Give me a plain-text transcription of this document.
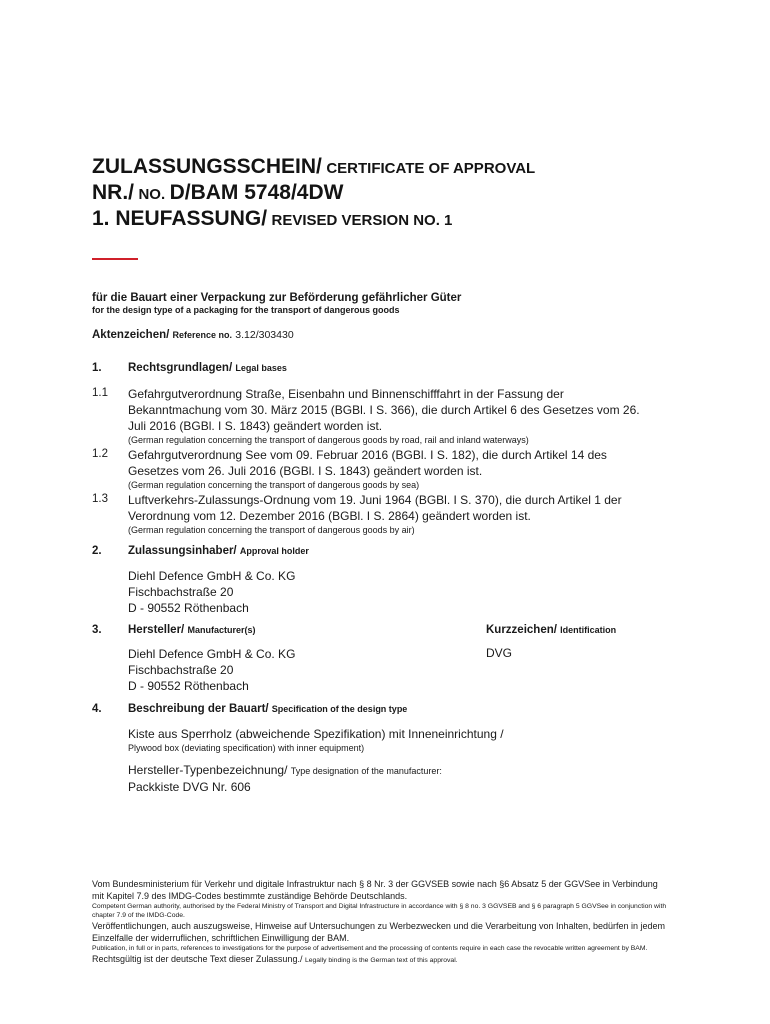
ZULASSUNGSSCHEIN/ CERTIFICATE OF APPROVAL
NR./ NO. D/BAM 5748/4DW
1. NEUFASSUNG/ REVISED VERSION NO. 1
für die Bauart einer Verpackung zur Beförderung gefährlicher Güter
for the design type of a packaging for the transport of dangerous goods
Aktenzeichen/ Reference no. 3.12/303430
1.	Rechtsgrundlagen/ Legal bases
1.1	Gefahrgutverordnung Straße, Eisenbahn und Binnenschifffahrt in der Fassung der Bekanntmachung vom 30. März 2015 (BGBl. I S. 366), die durch Artikel 6 des Gesetzes vom 26. Juli 2016 (BGBl. I S. 1843) geändert worden ist.
(German regulation concerning the transport of dangerous goods by road, rail and inland waterways)
1.2	Gefahrgutverordnung See vom 09. Februar 2016 (BGBl. I S. 182), die durch Artikel 14 des Gesetzes vom 26. Juli 2016 (BGBl. I S. 1843) geändert worden ist.
(German regulation concerning the transport of dangerous goods by sea)
1.3	Luftverkehrs-Zulassungs-Ordnung vom 19. Juni 1964 (BGBl. I S. 370), die durch Artikel 1 der Verordnung vom 12. Dezember 2016 (BGBl. I S. 2864) geändert worden ist.
(German regulation concerning the transport of dangerous goods by air)
2.	Zulassungsinhaber/ Approval holder
Diehl Defence GmbH & Co. KG
Fischbachstraße 20
D - 90552 Röthenbach
3.	Hersteller/ Manufacturer(s)
Diehl Defence GmbH & Co. KG
Fischbachstraße 20
D - 90552 Röthenbach
Kurzzeichen/ Identification
DVG
4.	Beschreibung der Bauart/ Specification of the design type
Kiste aus Sperrholz (abweichende Spezifikation) mit Inneneinrichtung /
Plywood box (deviating specification) with inner equipment)
Hersteller-Typenbezeichnung/ Type designation of the manufacturer:
Packkiste DVG Nr. 606
Vom Bundesministerium für Verkehr und digitale Infrastruktur nach § 8 Nr. 3 der GGVSEB sowie nach §6 Absatz 5 der GGVSee in Verbindung mit Kapitel 7.9 des IMDG-Codes bestimmte zuständige Behörde Deutschlands.
Competent German authority, authorised by the Federal Ministry of Transport and Digital Infrastructure in accordance with § 8 no. 3 GGVSEB and § 6 paragraph 5 GGVSee in conjunction with chapter 7.9 of the IMDG-Code.
Veröffentlichungen, auch auszugsweise, Hinweise auf Untersuchungen zu Werbezwecken und die Verarbeitung von Inhalten, bedürfen in jedem Einzelfalle der widerruflichen, schriftlichen Einwilligung der BAM.
Publication, in full or in parts, references to investigations for the purpose of advertisement and the processing of contents require in each case the revocable written agreement by BAM.
Rechtsgültig ist der deutsche Text dieser Zulassung./ Legally binding is the German text of this approval.
